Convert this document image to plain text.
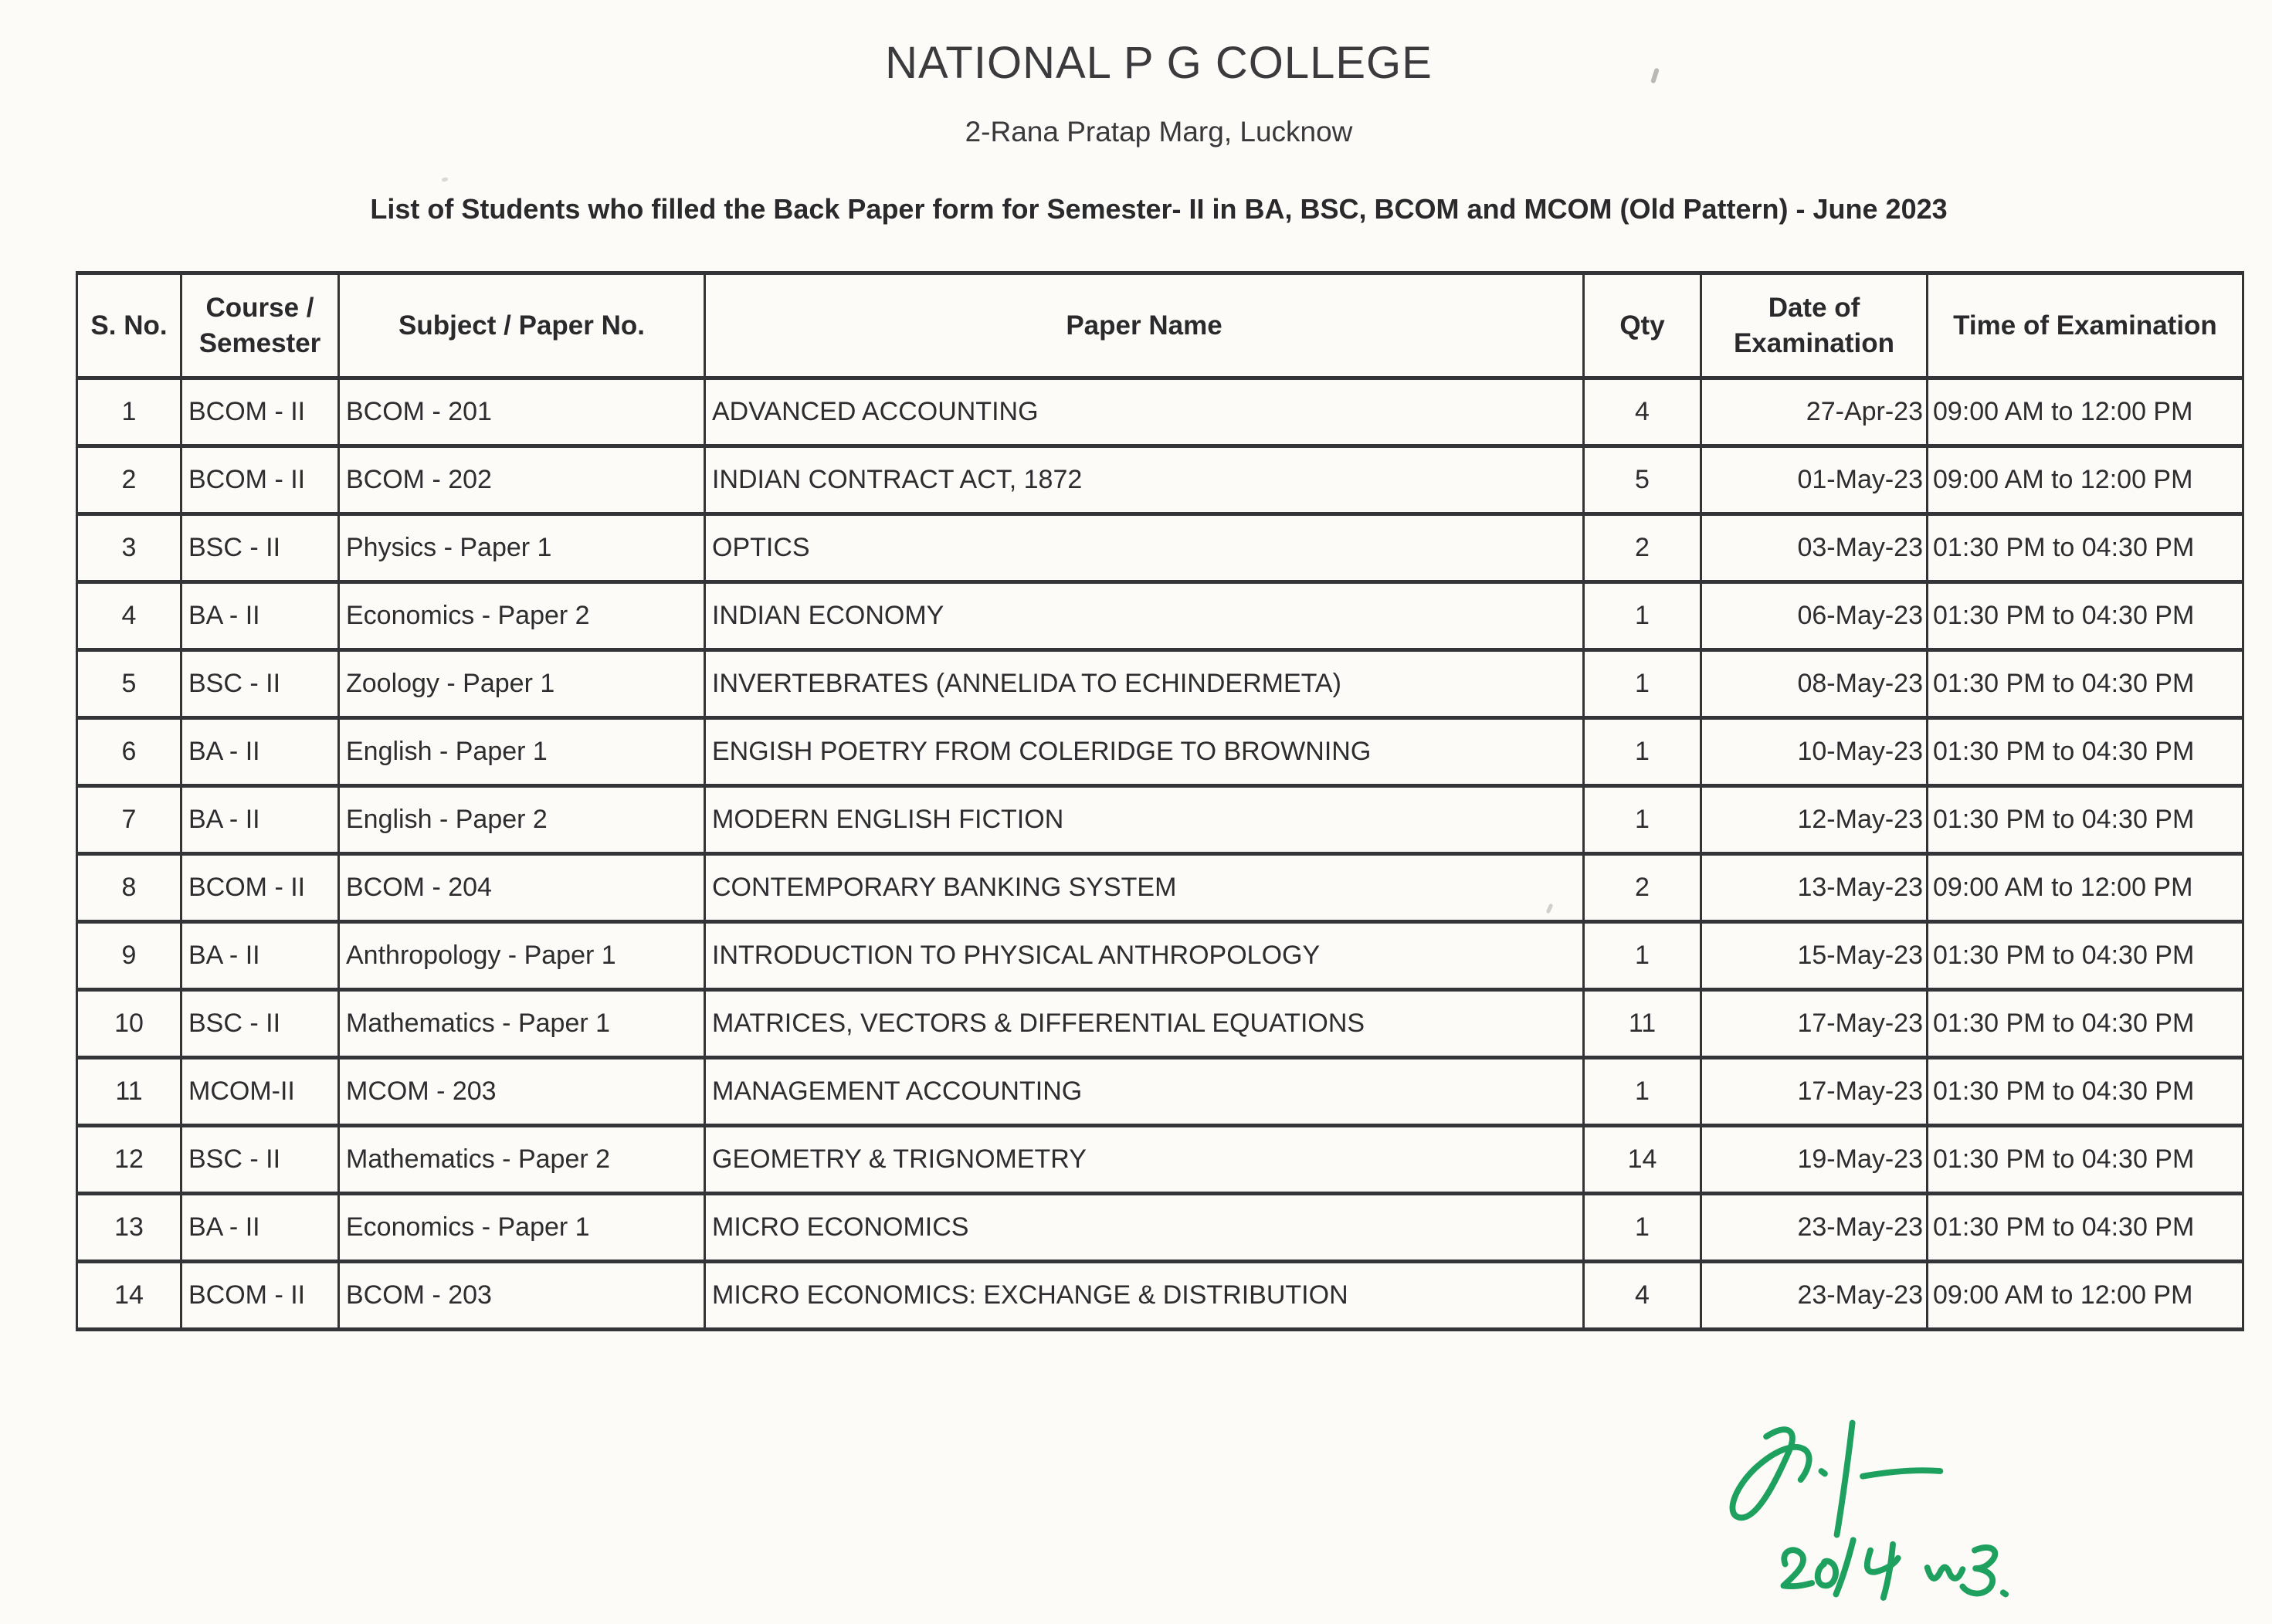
NATIONAL P G COLLEGE
2-Rana Pratap Marg, Lucknow
List of Students who filled the Back Paper form for Semester- II in BA, BSC, BCOM and MCOM (Old Pattern) - June 2023
S. No.	Course / Semester	Subject / Paper No.	Paper Name	Qty	Date of Examination	Time of Examination
1	BCOM - II	BCOM - 201	ADVANCED ACCOUNTING	4	27-Apr-23	09:00 AM to 12:00 PM
2	BCOM - II	BCOM - 202	INDIAN CONTRACT ACT, 1872	5	01-May-23	09:00 AM to 12:00 PM
3	BSC - II	Physics - Paper 1	OPTICS	2	03-May-23	01:30 PM to 04:30 PM
4	BA - II	Economics - Paper 2	INDIAN ECONOMY	1	06-May-23	01:30 PM to 04:30 PM
5	BSC - II	Zoology - Paper 1	INVERTEBRATES (ANNELIDA TO ECHINDERMETA)	1	08-May-23	01:30 PM to 04:30 PM
6	BA - II	English - Paper 1	ENGISH POETRY FROM COLERIDGE TO BROWNING	1	10-May-23	01:30 PM to 04:30 PM
7	BA - II	English - Paper 2	MODERN ENGLISH FICTION	1	12-May-23	01:30 PM to 04:30 PM
8	BCOM - II	BCOM - 204	CONTEMPORARY BANKING SYSTEM	2	13-May-23	09:00 AM to 12:00 PM
9	BA - II	Anthropology - Paper 1	INTRODUCTION TO PHYSICAL ANTHROPOLOGY	1	15-May-23	01:30 PM to 04:30 PM
10	BSC - II	Mathematics - Paper 1	MATRICES, VECTORS & DIFFERENTIAL EQUATIONS	11	17-May-23	01:30 PM to 04:30 PM
11	MCOM-II	MCOM - 203	MANAGEMENT ACCOUNTING	1	17-May-23	01:30 PM to 04:30 PM
12	BSC - II	Mathematics - Paper 2	GEOMETRY & TRIGNOMETRY	14	19-May-23	01:30 PM to 04:30 PM
13	BA - II	Economics - Paper 1	MICRO ECONOMICS	1	23-May-23	01:30 PM to 04:30 PM
14	BCOM - II	BCOM - 203	MICRO ECONOMICS: EXCHANGE & DISTRIBUTION	4	23-May-23	09:00 AM to 12:00 PM
